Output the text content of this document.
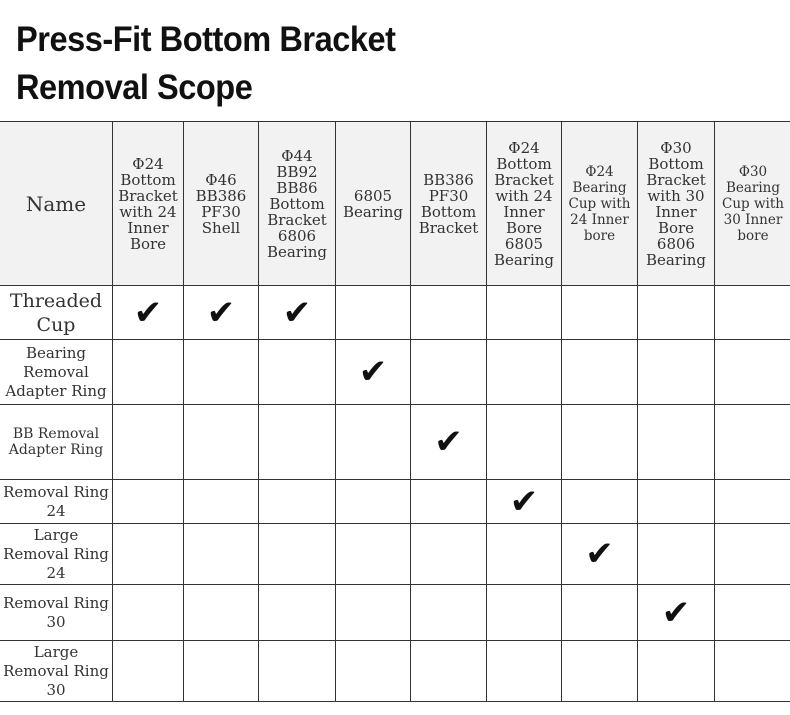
Press-Fit Bottom Bracket
Removal Scope
Name	Φ24 Bottom Bracket with 24 Inner Bore	Φ46 BB386 PF30 Shell	Φ44 BB92 BB86 Bottom Bracket 6806 Bearing	6805 Bearing	BB386 PF30 Bottom Bracket	Φ24 Bottom Bracket with 24 Inner Bore 6805 Bearing	Φ24 Bearing Cup with 24 Inner bore	Φ30 Bottom Bracket with 30 Inner Bore 6806 Bearing	Φ30 Bearing Cup with 30 Inner bore
Threaded Cup	✔	✔	✔						
Bearing Removal Adapter Ring				✔					
BB Removal Adapter Ring					✔				
Removal Ring 24						✔			
Large Removal Ring 24							✔		
Removal Ring 30								✔	
Large Removal Ring 30									
